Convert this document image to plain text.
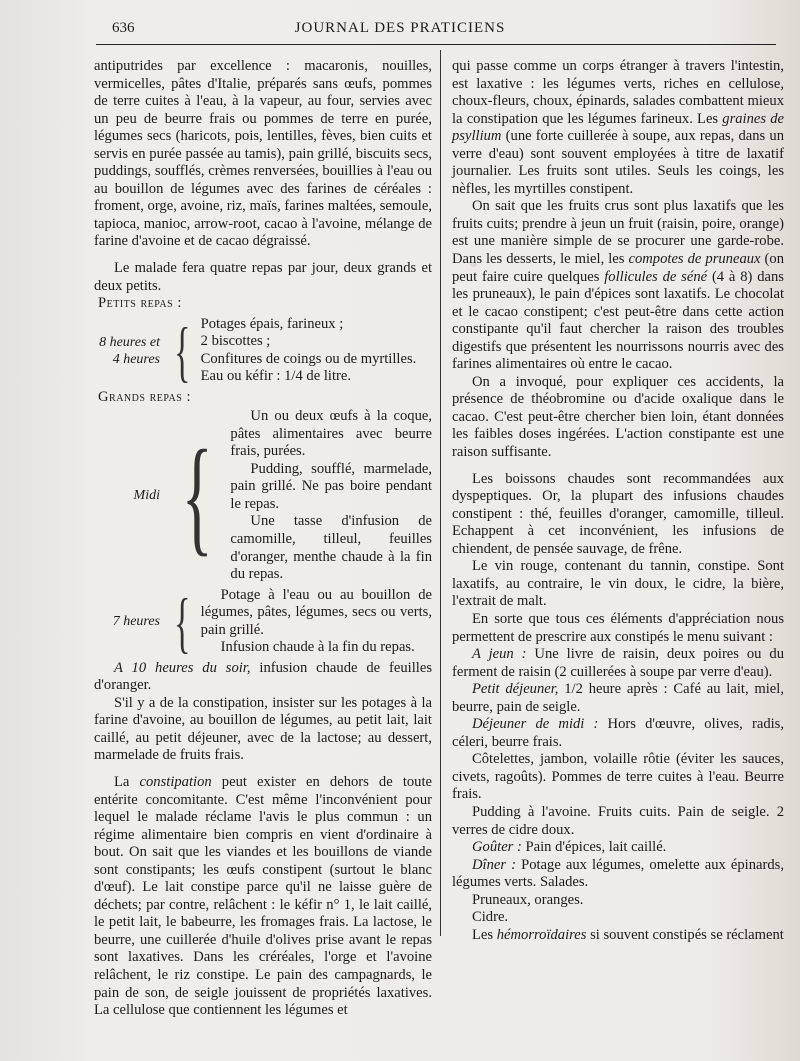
636	JOURNAL DES PRATICIENS

antiputrides par excellence : macaronis, nouilles, vermicelles, pâtes d'Italie, préparés sans œufs, pommes de terre cuites à l'eau, à la vapeur, au four, servies avec un peu de beurre frais ou pommes de terre en purée, légumes secs (haricots, pois, lentilles, fèves, bien cuits et servis en purée passée au tamis), pain grillé, biscuits secs, puddings, soufflés, crèmes renversées, bouillies à l'eau ou au bouillon de légumes avec des farines de céréales : froment, orge, avoine, riz, maïs, farines maltées, semoule, tapioca, manioc, arrow-root, cacao à l'avoine, mélange de farine d'avoine et de cacao dégraissé.

Le malade fera quatre repas par jour, deux grands et deux petits.

Petits repas :

8 heures et 4 heures { Potages épais, farineux ;

2 biscottes ;

Confitures de coings ou de myrtilles.

Eau ou kéfir : 1/4 de litre.

Grands repas :

Midi {

Un ou deux œufs à la coque, pâtes alimentaires avec beurre frais, purées.

Pudding, soufflé, marmelade, pain grillé. Ne pas boire pendant le repas.

Une tasse d'infusion de camomille, tilleul, feuilles d'oranger, menthe chaude à la fin du repas.

7 heures {	Potage à l'eau ou au bouillon de légumes, pâtes, légumes, secs ou verts, pain grillé.

Infusion chaude à la fin du repas.

A 10 heures du soir, infusion chaude de feuilles d'oranger.

S'il y a de la constipation, insister sur les potages à la farine d'avoine, au bouillon de légumes, au petit lait, lait caillé, au petit déjeuner, avec de la lactose; au dessert, marmelade de fruits frais.

La constipation peut exister en dehors de toute entérite concomitante. C'est même l'inconvénient pour lequel le malade réclame l'avis le plus commun : un régime alimentaire bien compris en vient d'ordinaire à bout. On sait que les viandes et les bouillons de viande sont constipants; les œufs constipent (surtout le blanc d'œuf). Le lait constipe parce qu'il ne laisse guère de déchets; par contre, relâchent : le kéfir n° 1, le lait caillé, le petit lait, le babeurre, les fromages frais. La lactose, le beurre, une cuillerée d'huile d'olives prise avant le repas sont laxatives. Dans les créréales, l'orge et l'avoine relâchent, le riz constipe. Le pain des campagnards, le pain de son, de seigle jouissent de propriétés laxatives. La cellulose que contiennent les légumes et

qui passe comme un corps étranger à travers l'intestin, est laxative : les légumes verts, riches en cellulose, choux-fleurs, choux, épinards, salades combattent mieux la constipation que les légumes farineux. Les graines de psyllium (une forte cuillerée à soupe, aux repas, dans un verre d'eau) sont souvent employées à titre de laxatif journalier. Les fruits sont utiles. Seuls les coings, les nèfles, les myrtilles constipent.

On sait que les fruits crus sont plus laxatifs que les fruits cuits; prendre à jeun un fruit (raisin, poire, orange) est une manière simple de se procurer une garde-robe. Dans les desserts, le miel, les compotes de pruneaux (on peut faire cuire quelques follicules de séné (4 à 8) dans les pruneaux), le pain d'épices sont laxatifs. Le chocolat et le cacao constipent; c'est peut-être dans cette action constipante qu'il faut chercher la raison des troubles digestifs que présentent les nourrissons nourris avec des farines alimentaires où entre le cacao.

On a invoqué, pour expliquer ces accidents, la présence de théobromine ou d'acide oxalique dans le cacao. C'est peut-être chercher bien loin, étant données les faibles doses ingérées. L'action constipante est une raison suffisante.

Les boissons chaudes sont recommandées aux dyspeptiques. Or, la plupart des infusions chaudes constipent : thé, feuilles d'oranger, camomille, tilleul. Echappent à cet inconvénient, les infusions de chiendent, de pensée sauvage, de frêne.

Le vin rouge, contenant du tannin, constipe. Sont laxatifs, au contraire, le vin doux, le cidre, la bière, l'extrait de malt.

En sorte que tous ces éléments d'appréciation nous permettent de prescrire aux constipés le menu suivant :

A jeun : Une livre de raisin, deux poires ou du ferment de raisin (2 cuillerées à soupe par verre d'eau).

Petit déjeuner, 1/2 heure après : Café au lait, miel, beurre, pain de seigle.

Déjeuner de midi : Hors d'œuvre, olives, radis, céleri, beurre frais.

Côtelettes, jambon, volaille rôtie (éviter les sauces, civets, ragoûts). Pommes de terre cuites à l'eau. Beurre frais.

Pudding à l'avoine. Fruits cuits. Pain de seigle. 2 verres de cidre doux.

Goûter : Pain d'épices, lait caillé.

Dîner : Potage aux légumes, omelette aux épinards, légumes verts. Salades.

Pruneaux, oranges.

Cidre.

Les hémorroïdaires si souvent constipés se réclament
